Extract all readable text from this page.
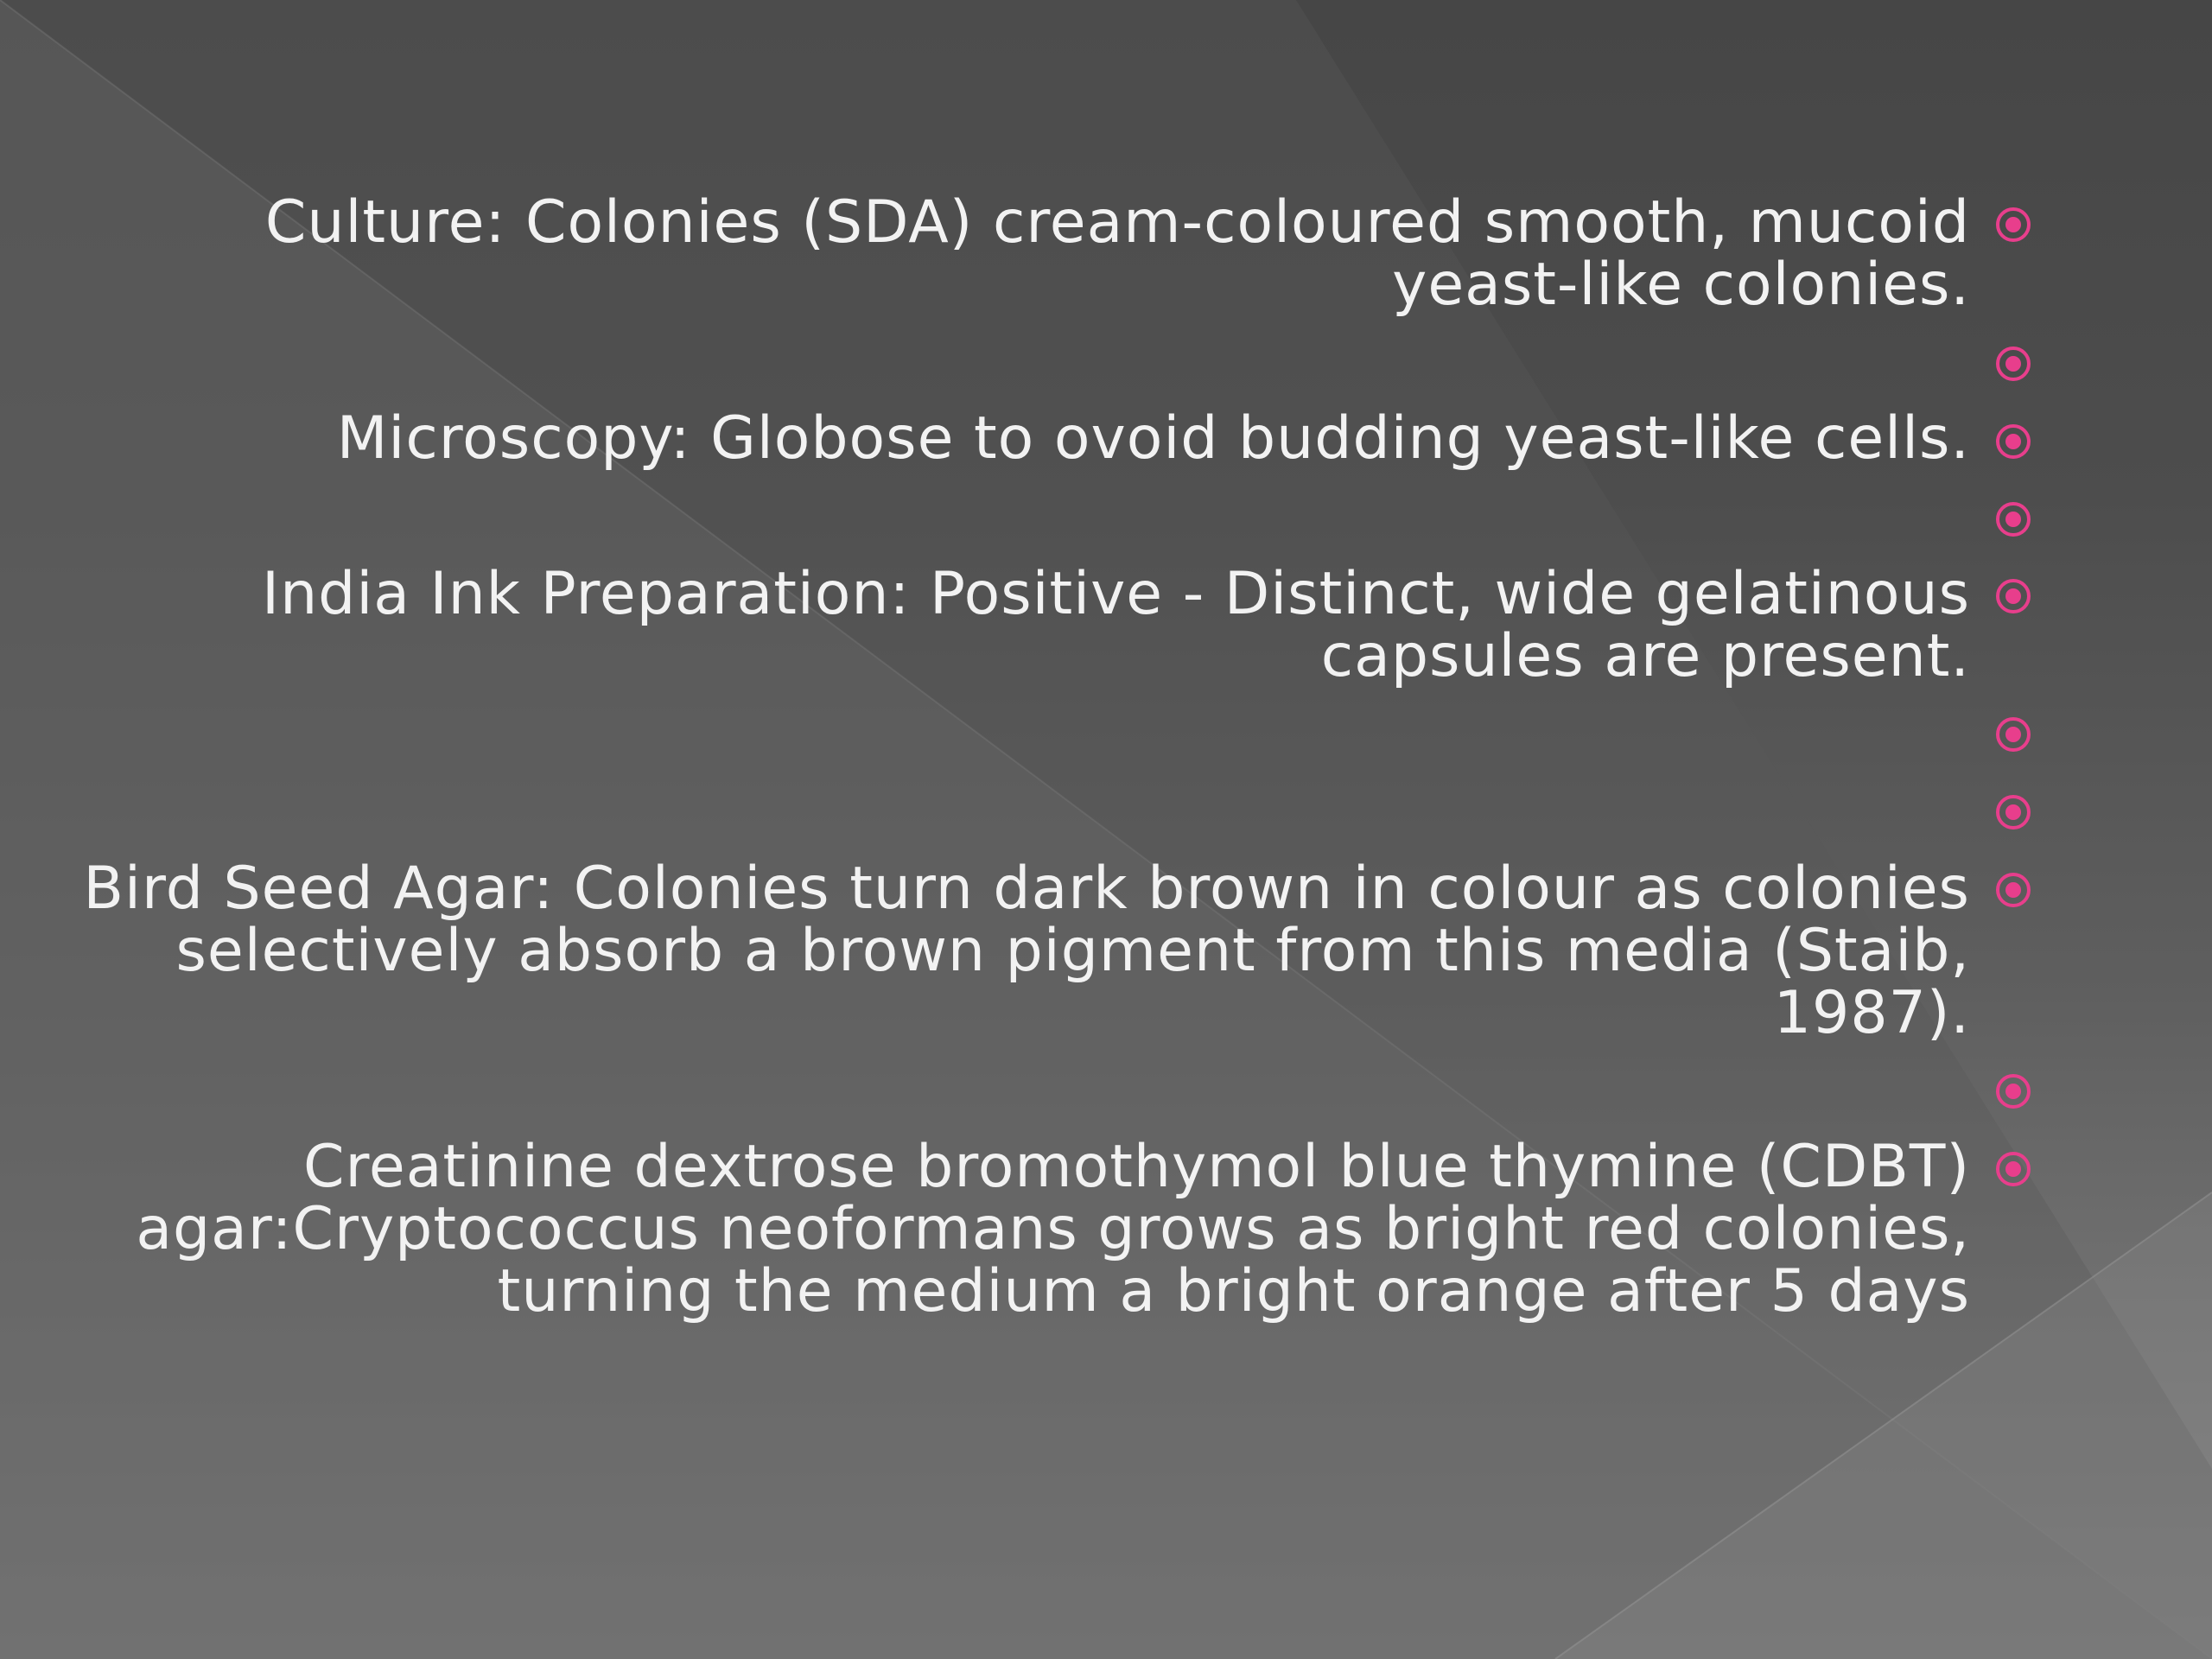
Culture: Colonies (SDA) cream-coloured smooth, mucoid yeast-like colonies.
Microscopy: Globose to ovoid budding yeast-like cells.
India Ink Preparation: Positive - Distinct, wide gelatinous capsules are present.
Bird Seed Agar: Colonies turn dark brown in colour as colonies selectively absorb a brown pigment from this media (Staib, 1987).
Creatinine dextrose bromothymol blue thymine (CDBT) agar:Cryptococcus neoformans grows as bright red colonies, turning the medium a bright orange after 5 days
